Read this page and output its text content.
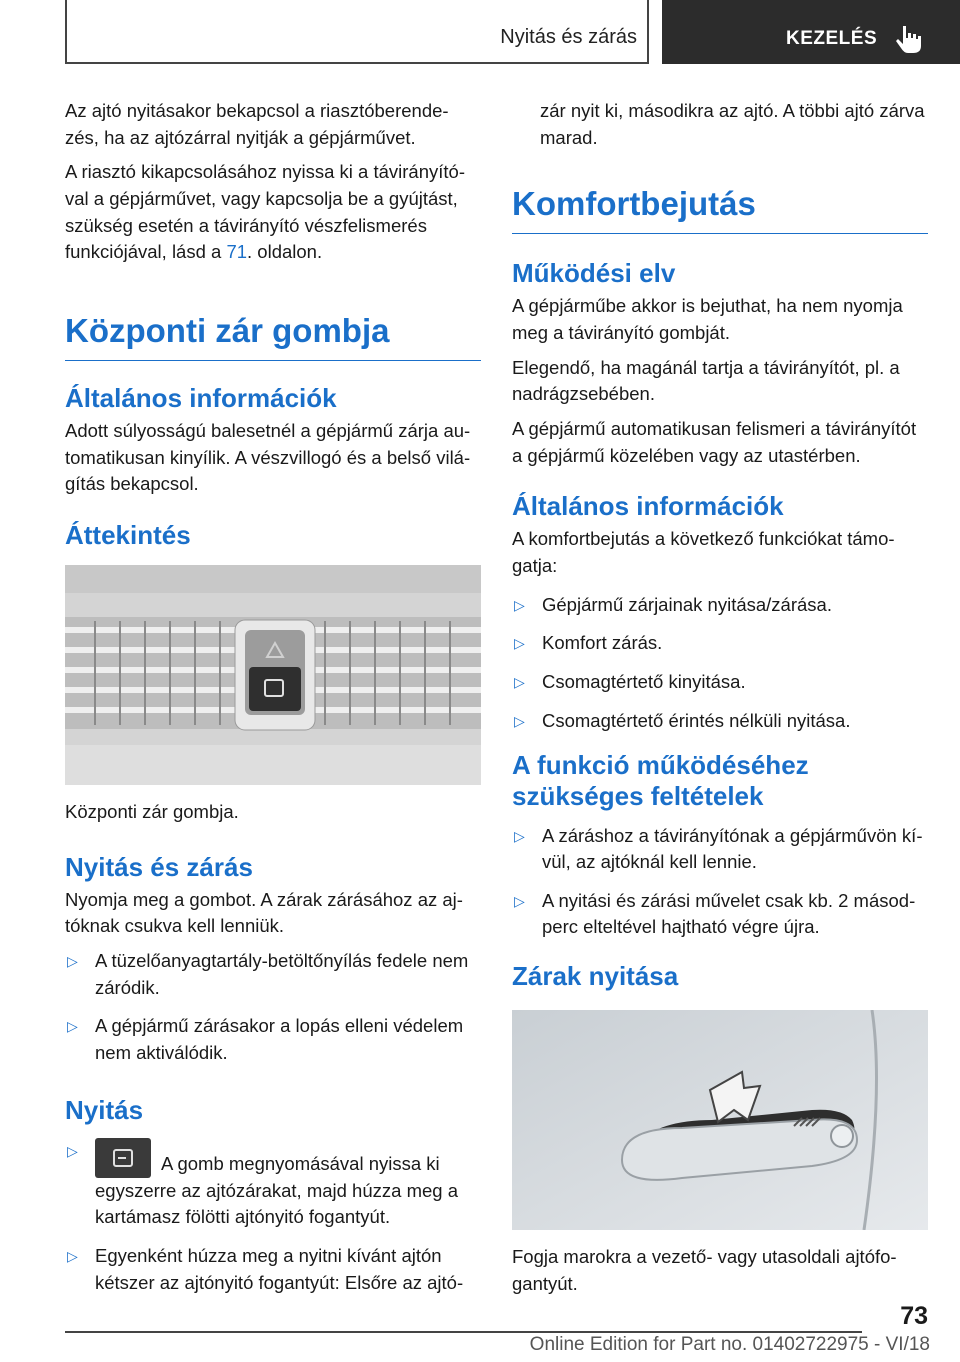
Nyitás és zárás	KEZELÉS

Az ajtó nyitásakor bekapcsol a riasztóberende-zés, ha az ajtózárral nyitják a gépjárművet.

A riasztó kikapcsolásához nyissa ki a távirányító-val a gépjárművet, vagy kapcsolja be a gyújtást, szükség esetén a távirányító vészfelismerés funkciójával, lásd a 71. oldalon.

Központi zár gombja
Általános információk

Adott súlyosságú balesetnél a gépjármű zárja au-tomatikusan kinyílik. A vészvillogó és a belső vilá-gítás bekapcsol.

Áttekintés

Központi zár gombja.

Nyitás és zárás

Nyomja meg a gombot. A zárak zárásához az aj-tóknak csukva kell lenniük.

▷ A tüzelőanyagtartály-betöltőnyílás fedele nem záródik.
▷ A gépjármű zárásakor a lopás elleni védelem nem aktiválódik.
Nyitás
▷
A gomb megnyomásával nyissa ki egyszerre az ajtózárakat, majd húzza meg a kartámasz fölötti ajtónyitó fogantyút.
▷ Egyenként húzza meg a nyitni kívánt ajtón kétszer az ajtónyitó fogantyút: Elsőre az ajtó-

zár nyit ki, másodikra az ajtó. A többi ajtó zárva marad.

Komfortbejutás
Működési elv

A gépjárműbe akkor is bejuthat, ha nem nyomja meg a távirányító gombját.

Elegendő, ha magánál tartja a távirányítót, pl. a nadrágzsebében.

A gépjármű automatikusan felismeri a távirányítót a gépjármű közelében vagy az utastérben.

Általános információk

A komfortbejutás a következő funkciókat támo-gatja:

▷ Gépjármű zárjainak nyitása/zárása.
▷ Komfort zárás.
▷ Csomagtértető kinyitása.
▷ Csomagtértető érintés nélküli nyitása.
A funkció működéséhez szükséges feltételek
▷ A záráshoz a távirányítónak a gépjárművön kí-vül, az ajtóknál kell lennie.
▷ A nyitási és zárási művelet csak kb. 2 másod-perc elteltével hajtható végre újra.
Zárak nyitása

Fogja marokra a vezető- vagy utasoldali ajtófo-gantyút.

73
Online Edition for Part no. 01402722975 - VI/18
